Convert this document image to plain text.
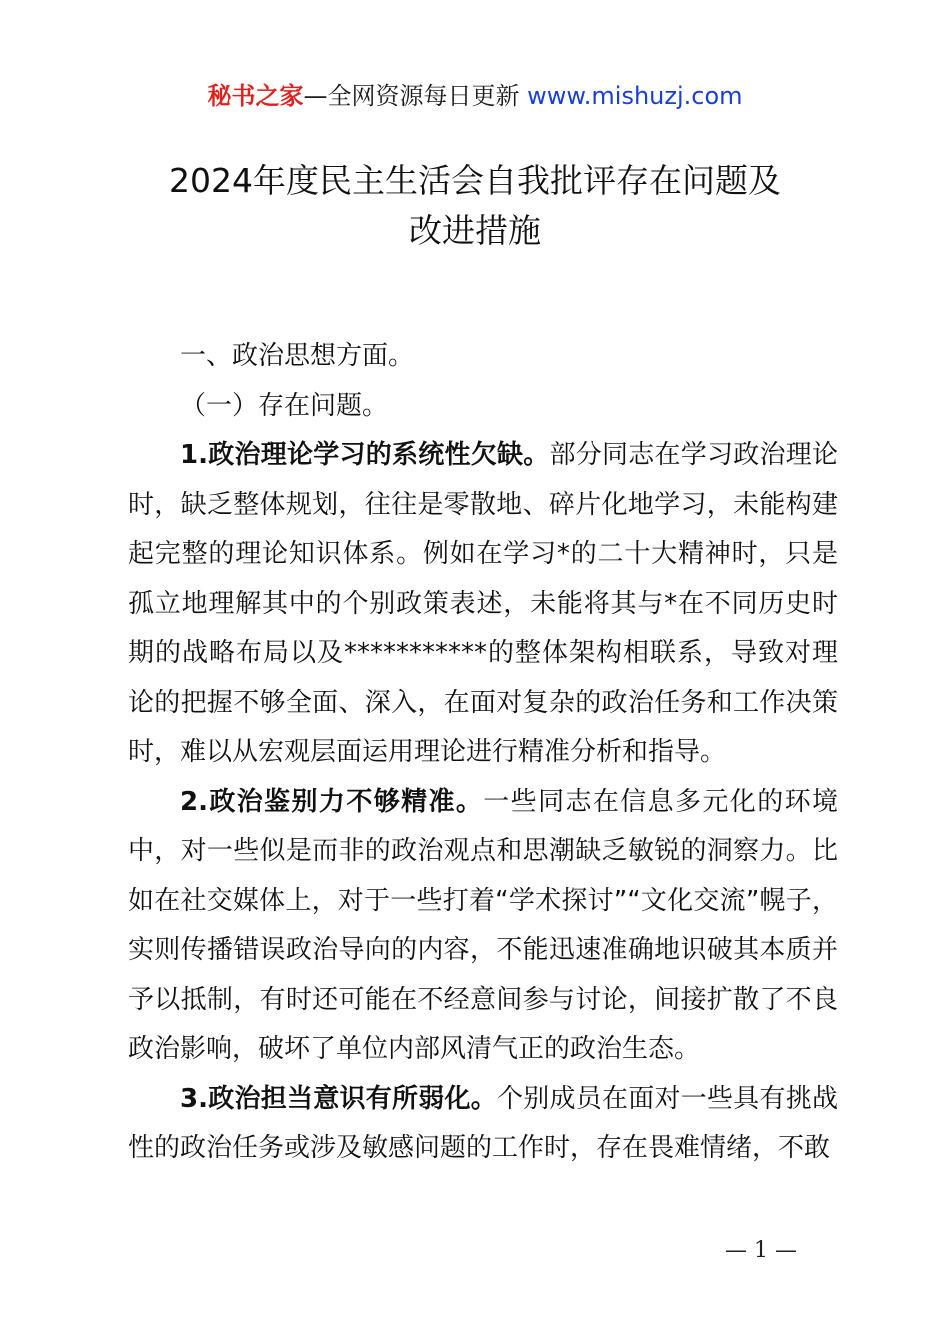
秘书之家—全网资源每日更新 www.mishuzj.com
2024年度民主生活会自我批评存在问题及
改进措施

一、政治思想方面。

（一）存在问题。

1.政治理论学习的系统性欠缺。部分同志在学习政治理论时，缺乏整体规划，往往是零散地、碎片化地学习，未能构建起完整的理论知识体系。例如在学习*的二十大精神时，只是孤立地理解其中的个别政策表述，未能将其与*在不同历史时期的战略布局以及***********的整体架构相联系，导致对理论的把握不够全面、深入，在面对复杂的政治任务和工作决策时，难以从宏观层面运用理论进行精准分析和指导。

2.政治鉴别力不够精准。一些同志在信息多元化的环境中，对一些似是而非的政治观点和思潮缺乏敏锐的洞察力。比如在社交媒体上，对于一些打着“学术探讨”“文化交流”幌子，实则传播错误政治导向的内容，不能迅速准确地识破其本质并予以抵制，有时还可能在不经意间参与讨论，间接扩散了不良政治影响，破坏了单位内部风清气正的政治生态。

3.政治担当意识有所弱化。个别成员在面对一些具有挑战性的政治任务或涉及敏感问题的工作时，存在畏难情绪，不敢

— 1 —
